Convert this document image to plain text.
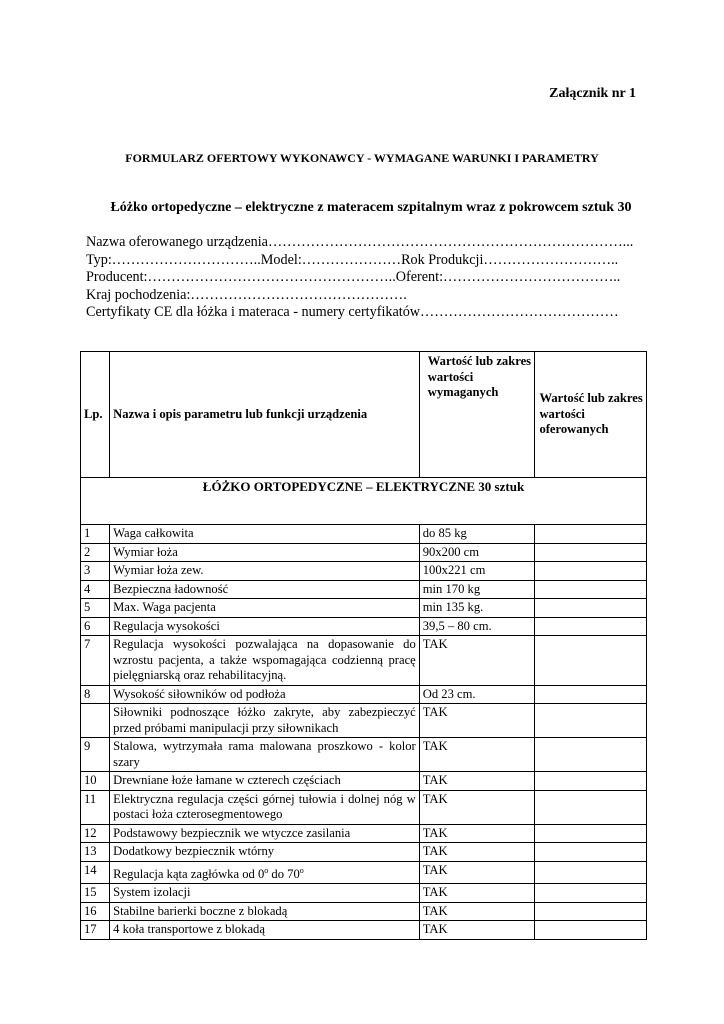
Załącznik nr 1
FORMULARZ OFERTOWY WYKONAWCY - WYMAGANE WARUNKI I PARAMETRY
Łóżko ortopedyczne – elektryczne z materacem szpitalnym wraz z pokrowcem sztuk 30
Nazwa oferowanego urządzenia…………………………………………………………………...
Typ:…………………………..Model:…………………Rok Produkcji………………………..
Producent:……………………………………………..Oferent:………………………………..
Kraj pochodzenia:……………………………………….
Certyfikaty CE dla łóżka i materaca - numery certyfikatów……………………………………
Lp.	Nazwa i opis parametru lub funkcji urządzenia	Wartość lub zakres wartości wymaganych	Wartość lub zakres wartości oferowanych
ŁÓŻKO ORTOPEDYCZNE – ELEKTRYCZNE 30 sztuk			
1	Waga całkowita	do 85 kg	
2	Wymiar łoża	90x200 cm	
3	Wymiar łoża zew.	100x221 cm	
4	Bezpieczna ładowność	min 170 kg	
5	Max. Waga pacjenta	min 135 kg.	
6	Regulacja wysokości	39,5 – 80 cm.	
7	Regulacja wysokości pozwalająca na dopasowanie do wzrostu pacjenta, a także wspomagająca codzienną pracę pielęgniarską oraz rehabilitacyjną.	TAK	
8	Wysokość siłowników od podłoża	Od 23 cm.	
	Siłowniki podnoszące łóżko zakryte, aby zabezpieczyć przed próbami manipulacji przy siłownikach	TAK	
9	Stalowa, wytrzymała rama malowana proszkowo - kolor szary	TAK	
10	Drewniane łoże łamane w czterech częściach	TAK	
11	Elektryczna regulacja części górnej tułowia i dolnej nóg w postaci łoża czterosegmentowego	TAK	
12	Podstawowy bezpiecznik we wtyczce zasilania	TAK	
13	Dodatkowy bezpiecznik wtórny	TAK	
14	Regulacja kąta zagłówka od 0$^o$ do 70$^o$	TAK	
15	System izolacji	TAK	
16	Stabilne barierki boczne z blokadą	TAK	
17	4 koła transportowe z blokadą	TAK	
